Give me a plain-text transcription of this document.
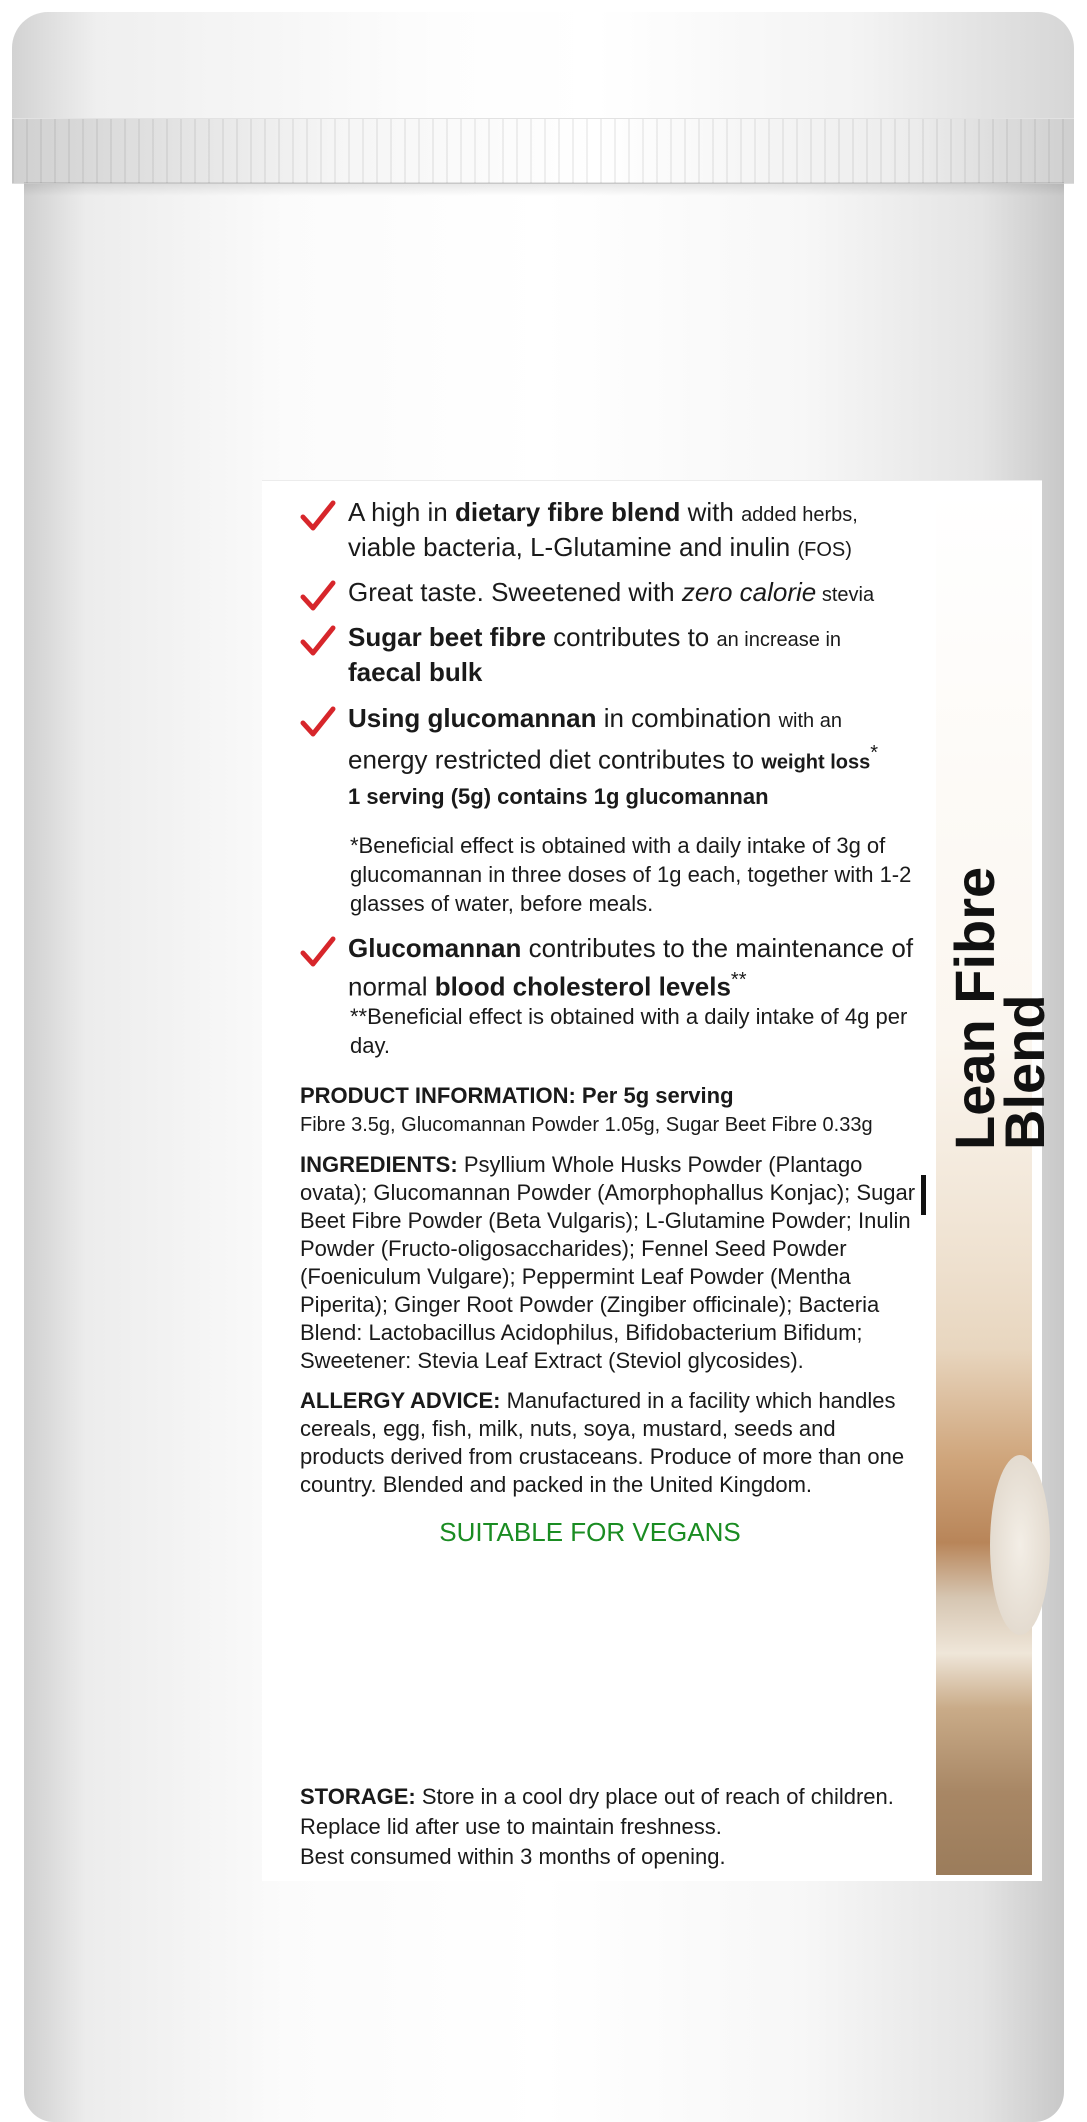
Lean Fibre
Blend
A high in dietary fibre blend with added herbs,
viable bacteria, L-Glutamine and inulin (FOS)
Great taste. Sweetened with zero calorie stevia
Sugar beet fibre contributes to an increase in
faecal bulk
Using glucomannan in combination with an
energy restricted diet contributes to weight loss*
1 serving (5g) contains 1g glucomannan
*Beneficial effect is obtained with a daily intake of 3g of glucomannan in three doses of 1g each, together with 1-2 glasses of water, before meals.
Glucomannan contributes to the maintenance of
normal blood cholesterol levels**
**Beneficial effect is obtained with a daily intake of 4g per day.
PRODUCT INFORMATION: Per 5g serving
Fibre 3.5g, Glucomannan Powder 1.05g, Sugar Beet Fibre 0.33g
INGREDIENTS: Psyllium Whole Husks Powder (Plantago ovata); Glucomannan Powder (Amorphophallus Konjac); Sugar Beet Fibre Powder (Beta Vulgaris); L-Glutamine Powder; Inulin Powder (Fructo-oligosaccharides); Fennel Seed Powder (Foeniculum Vulgare); Peppermint Leaf Powder (Mentha Piperita); Ginger Root Powder (Zingiber officinale); Bacteria Blend: Lactobacillus Acidophilus, Bifidobacterium Bifidum; Sweetener: Stevia Leaf Extract (Steviol glycosides).
ALLERGY ADVICE: Manufactured in a facility which handles cereals, egg, fish, milk, nuts, soya, mustard, seeds and products derived from crustaceans. Produce of more than one country. Blended and packed in the United Kingdom.
SUITABLE FOR VEGANS
STORAGE: Store in a cool dry place out of reach of children.
Replace lid after use to maintain freshness.
Best consumed within 3 months of opening.
